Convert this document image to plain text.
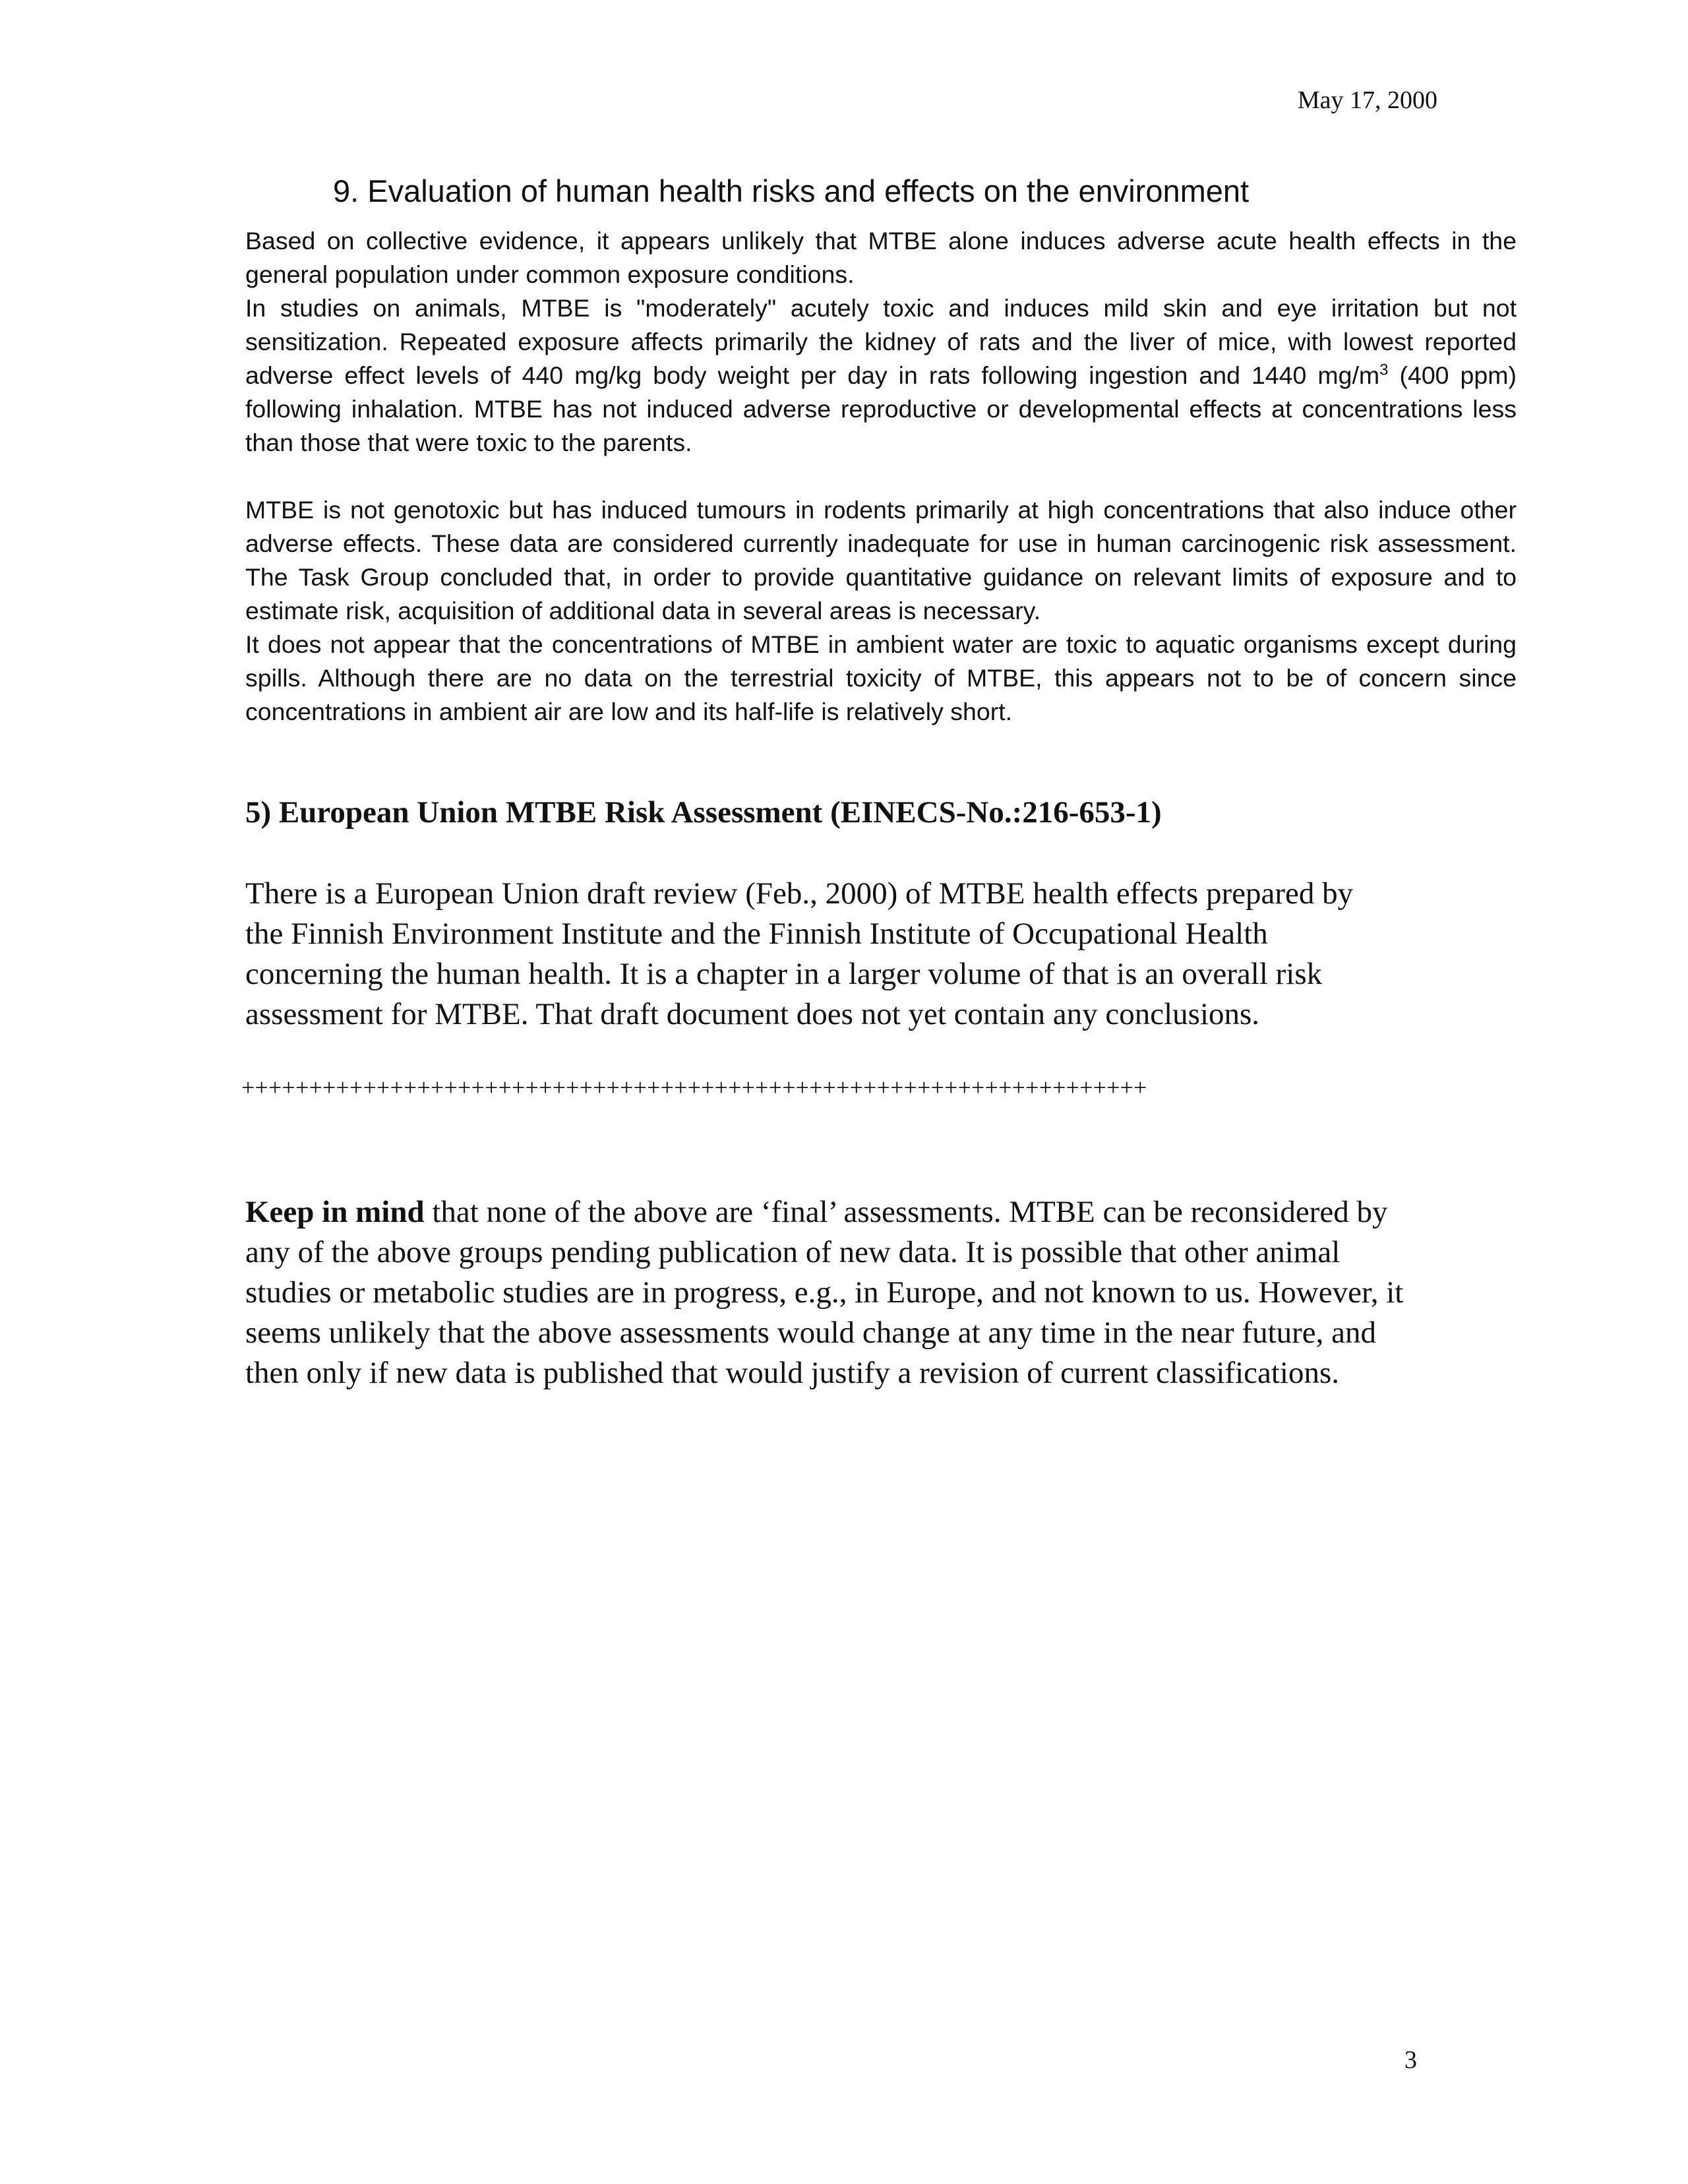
May 17, 2000
9. Evaluation of human health risks and effects on the environment

Based on collective evidence, it appears unlikely that MTBE alone induces adverse acute health effects in the general population under common exposure conditions.

In studies on animals, MTBE is "moderately" acutely toxic and induces mild skin and eye irritation but not sensitization. Repeated exposure affects primarily the kidney of rats and the liver of mice, with lowest reported adverse effect levels of 440 mg/kg body weight per day in rats following ingestion and 1440 $mg/m^3$ (400 ppm) following inhalation. MTBE has not induced adverse reproductive or developmental effects at concentrations less than those that were toxic to the parents.

MTBE is not genotoxic but has induced tumours in rodents primarily at high concentrations that also induce other adverse effects. These data are considered currently inadequate for use in human carcinogenic risk assessment. The Task Group concluded that, in order to provide quantitative guidance on relevant limits of exposure and to estimate risk, acquisition of additional data in several areas is necessary.

It does not appear that the concentrations of MTBE in ambient water are toxic to aquatic organisms except during spills. Although there are no data on the terrestrial toxicity of MTBE, this appears not to be of concern since concentrations in ambient air are low and its half-life is relatively short.

5) European Union MTBE Risk Assessment (EINECS-No.:216-653-1)
There is a European Union draft review (Feb., 2000) of MTBE health effects prepared by
the Finnish Environment Institute and the Finnish Institute of Occupational Health
concerning the human health. It is a chapter in a larger volume of that is an overall risk
assessment for MTBE. That draft document does not yet contain any conclusions.
+++++++++++++++++++++++++++++++++++++++++++++++++++++++++++++++++++
Keep in mind that none of the above are ‘final’ assessments. MTBE can be reconsidered by
any of the above groups pending publication of new data. It is possible that other animal
studies or metabolic studies are in progress, e.g., in Europe, and not known to us. However, it
seems unlikely that the above assessments would change at any time in the near future, and
then only if new data is published that would justify a revision of current classifications.
3
